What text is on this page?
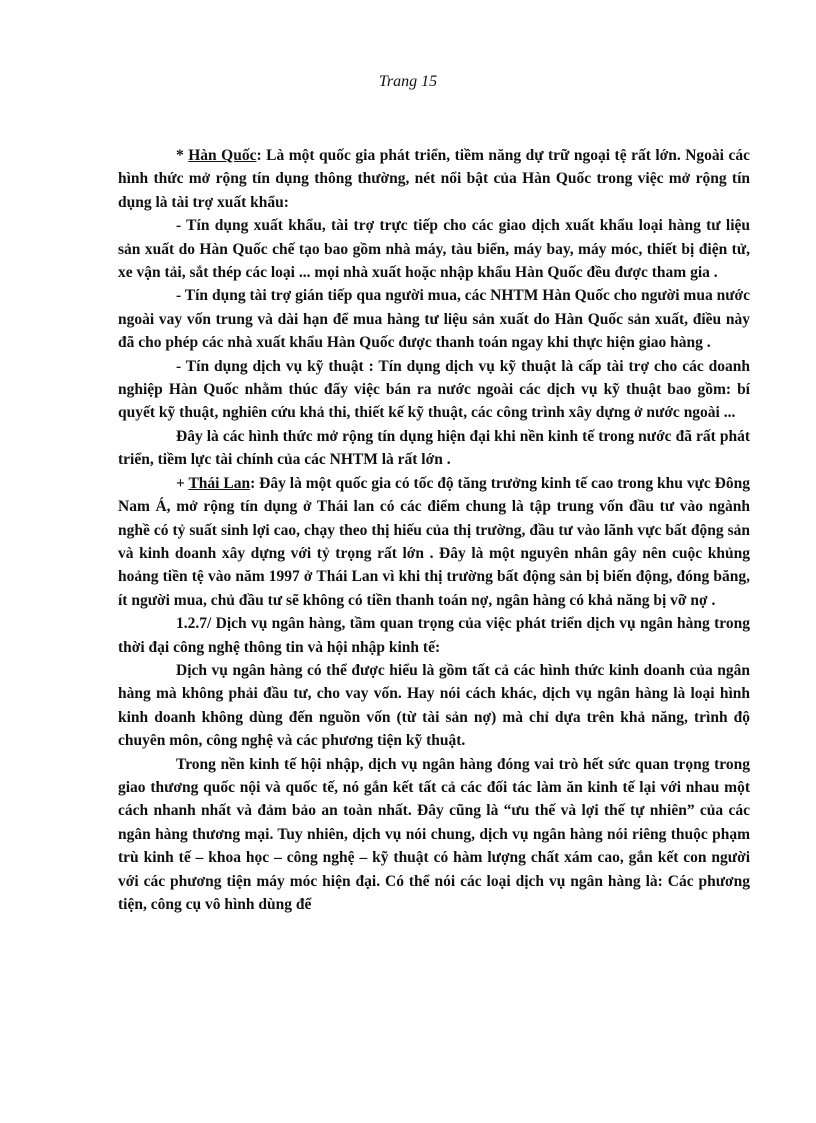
Trang 15

* Hàn Quốc: Là một quốc gia phát triển, tiềm năng dự trữ ngoại tệ rất lớn. Ngoài các hình thức mở rộng tín dụng thông thường, nét nổi bật của Hàn Quốc trong việc mở rộng tín dụng là tài trợ xuất khẩu:

- Tín dụng xuất khẩu, tài trợ trực tiếp cho các giao dịch xuất khẩu loại hàng tư liệu sản xuất do Hàn Quốc chế tạo bao gồm nhà máy, tàu biển, máy bay, máy móc, thiết bị điện tử, xe vận tải, sắt thép các loại ... mọi nhà xuất hoặc nhập khẩu Hàn Quốc đều được tham gia .

- Tín dụng tài trợ gián tiếp qua người mua, các NHTM Hàn Quốc cho người mua nước ngoài vay vốn trung và dài hạn để mua hàng tư liệu sản xuất do Hàn Quốc sản xuất, điều này đã cho phép các nhà xuất khẩu Hàn Quốc được thanh toán ngay khi thực hiện giao hàng .

- Tín dụng dịch vụ kỹ thuật : Tín dụng dịch vụ kỹ thuật là cấp tài trợ cho các doanh nghiệp Hàn Quốc nhằm thúc đẩy việc bán ra nước ngoài các dịch vụ kỹ thuật bao gồm: bí quyết kỹ thuật, nghiên cứu khả thi, thiết kế kỹ thuật, các công trình xây dựng ở nước ngoài ...

Đây là các hình thức mở rộng tín dụng hiện đại khi nền kinh tế trong nước đã rất phát triển, tiềm lực tài chính của các NHTM là rất lớn .

+ Thái Lan: Đây là một quốc gia có tốc độ tăng trưởng kinh tế cao trong khu vực Đông Nam Á, mở rộng tín dụng ở Thái lan có các điểm chung là tập trung vốn đầu tư vào ngành nghề có tỷ suất sinh lợi cao, chạy theo thị hiếu của thị trường, đầu tư vào lãnh vực bất động sản và kinh doanh xây dựng với tỷ trọng rất lớn . Đây là một nguyên nhân gây nên cuộc khủng hoảng tiền tệ vào năm 1997 ở Thái Lan vì khi thị trường bất động sản bị biến động, đóng băng, ít người mua, chủ đầu tư sẽ không có tiền thanh toán nợ, ngân hàng có khả năng bị vỡ nợ .

1.2.7/ Dịch vụ ngân hàng, tầm quan trọng của việc phát triển dịch vụ ngân hàng trong thời đại công nghệ thông tin và hội nhập kinh tế:

Dịch vụ ngân hàng có thể được hiểu là gồm tất cả các hình thức kinh doanh của ngân hàng mà không phải đầu tư, cho vay vốn. Hay nói cách khác, dịch vụ ngân hàng là loại hình kinh doanh không dùng đến nguồn vốn (từ tài sản nợ) mà chỉ dựa trên khả năng, trình độ chuyên môn, công nghệ và các phương tiện kỹ thuật.

Trong nền kinh tế hội nhập, dịch vụ ngân hàng đóng vai trò hết sức quan trọng trong giao thương quốc nội và quốc tế, nó gắn kết tất cả các đối tác làm ăn kinh tế lại với nhau một cách nhanh nhất và đảm bảo an toàn nhất. Đây cũng là “ưu thế và lợi thế tự nhiên” của các ngân hàng thương mại. Tuy nhiên, dịch vụ nói chung, dịch vụ ngân hàng nói riêng thuộc phạm trù kinh tế – khoa học – công nghệ – kỹ thuật có hàm lượng chất xám cao, gắn kết con người với các phương tiện máy móc hiện đại. Có thể nói các loại dịch vụ ngân hàng là: Các phương tiện, công cụ vô hình dùng để
